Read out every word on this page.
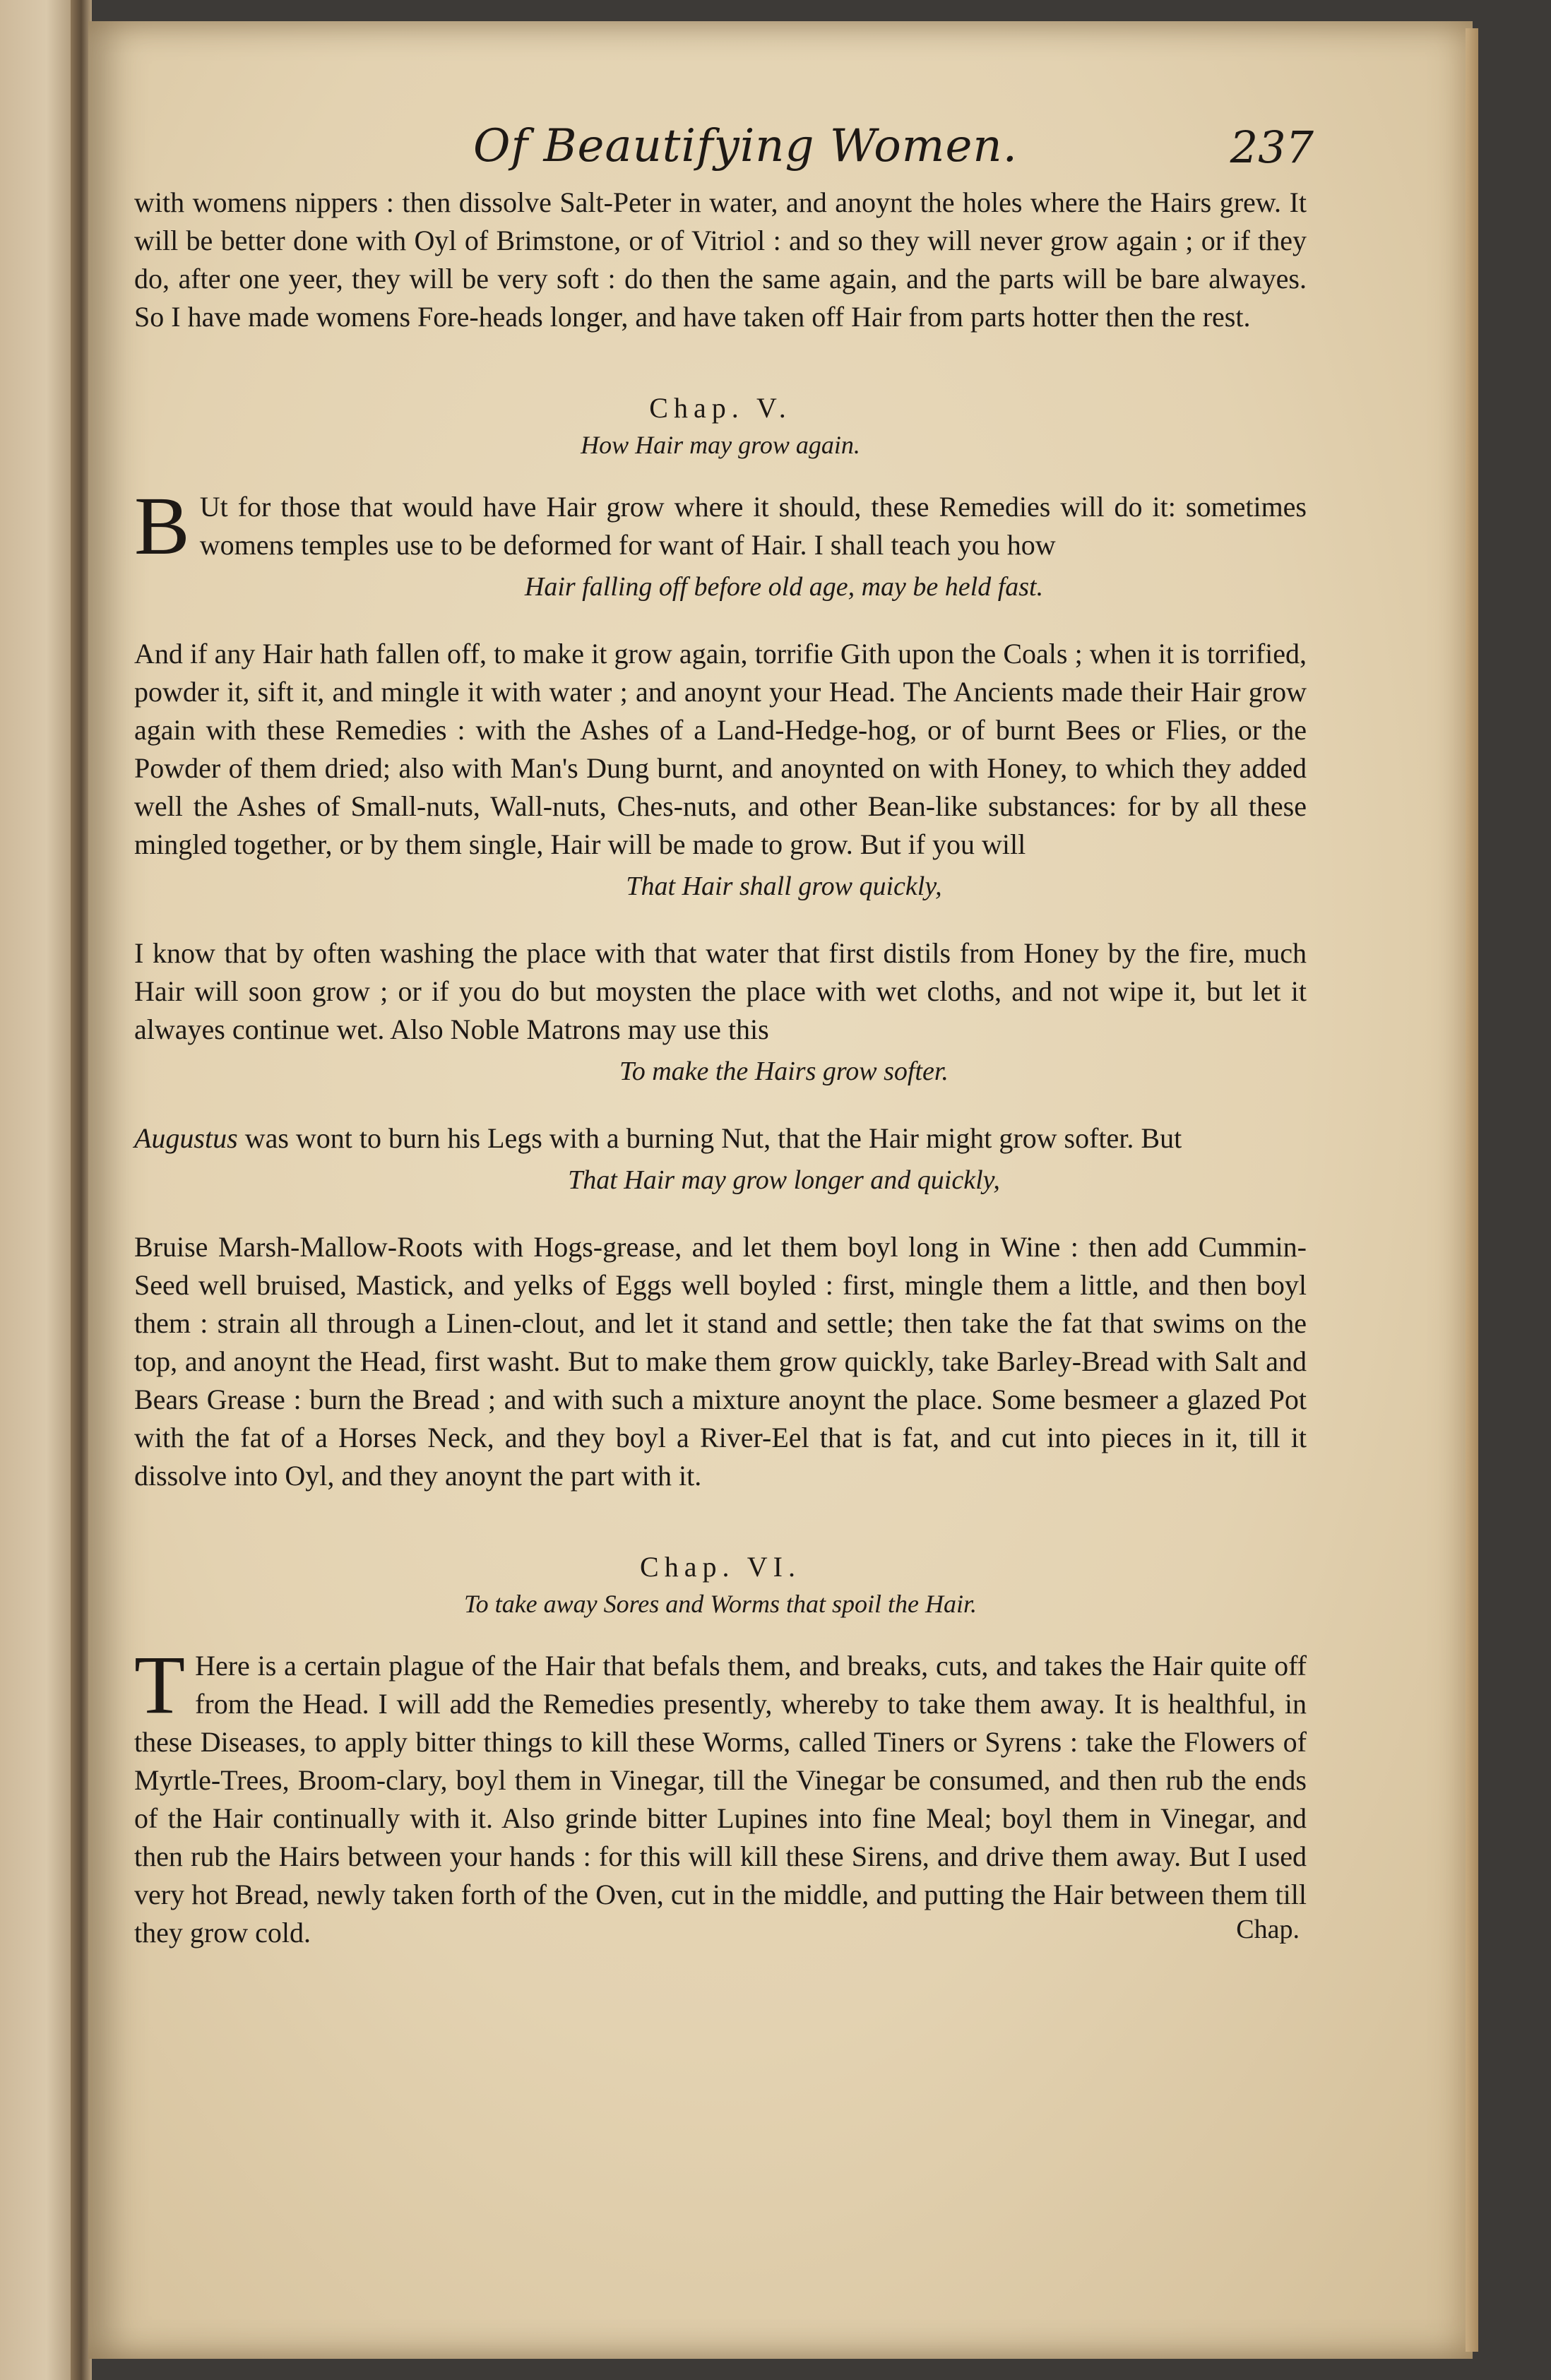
Of Beautifying Women.	237

with womens nippers : then dissolve Salt-Peter in water, and anoynt the holes where the Hairs grew. It will be better done with Oyl of Brimstone, or of Vitriol : and so they will never grow again ; or if they do, after one yeer, they will be very soft : do then the same again, and the parts will be bare alwayes. So I have made womens Fore-heads longer, and have taken off Hair from parts hotter then the rest.

Chap. V.
How Hair may grow again.

B Ut for those that would have Hair grow where it should, these Remedies will do it: sometimes womens temples use to be deformed for want of Hair. I shall teach you how

Hair falling off before old age, may be held fast.

And if any Hair hath fallen off, to make it grow again, torrifie Gith upon the Coals ; when it is torrified, powder it, sift it, and mingle it with water ; and anoynt your Head. The Ancients made their Hair grow again with these Remedies : with the Ashes of a Land-Hedge-hog, or of burnt Bees or Flies, or the Powder of them dried; also with Man's Dung burnt, and anoynted on with Honey, to which they added well the Ashes of Small-nuts, Wall-nuts, Ches-nuts, and other Bean-like substances: for by all these mingled together, or by them single, Hair will be made to grow. But if you will

That Hair shall grow quickly,

I know that by often washing the place with that water that first distils from Honey by the fire, much Hair will soon grow ; or if you do but moysten the place with wet cloths, and not wipe it, but let it alwayes continue wet. Also Noble Matrons may use this

To make the Hairs grow softer.

Augustus was wont to burn his Legs with a burning Nut, that the Hair might grow softer. But

That Hair may grow longer and quickly,

Bruise Marsh-Mallow-Roots with Hogs-grease, and let them boyl long in Wine : then add Cummin-Seed well bruised, Mastick, and yelks of Eggs well boyled : first, mingle them a little, and then boyl them : strain all through a Linen-clout, and let it stand and settle; then take the fat that swims on the top, and anoynt the Head, first washt. But to make them grow quickly, take Barley-Bread with Salt and Bears Grease : burn the Bread ; and with such a mixture anoynt the place. Some besmeer a glazed Pot with the fat of a Horses Neck, and they boyl a River-Eel that is fat, and cut into pieces in it, till it dissolve into Oyl, and they anoynt the part with it.

Chap. VI.
To take away Sores and Worms that spoil the Hair.

T Here is a certain plague of the Hair that befals them, and breaks, cuts, and takes the Hair quite off from the Head. I will add the Remedies presently, whereby to take them away. It is healthful, in these Diseases, to apply bitter things to kill these Worms, called Tiners or Syrens : take the Flowers of Myrtle-Trees, Broom-clary, boyl them in Vinegar, till the Vinegar be consumed, and then rub the ends of the Hair continually with it. Also grinde bitter Lupines into fine Meal; boyl them in Vinegar, and then rub the Hairs between your hands : for this will kill these Sirens, and drive them away. But I used very hot Bread, newly taken forth of the Oven, cut in the middle, and putting the Hair between them till they grow cold.	Chap.
